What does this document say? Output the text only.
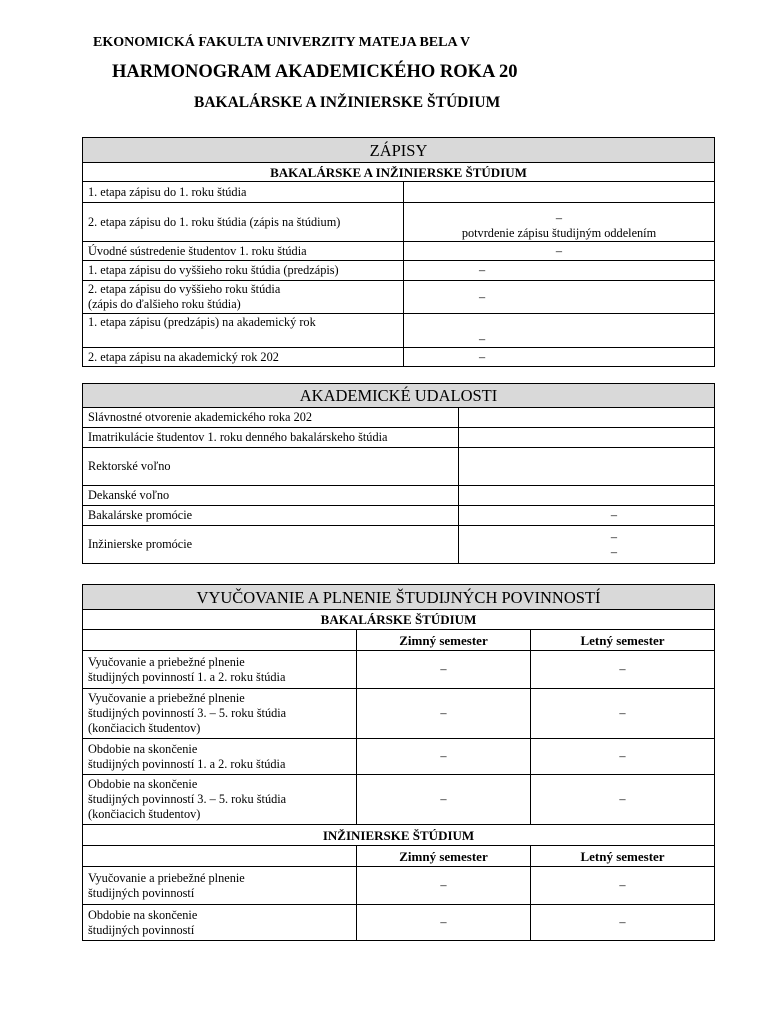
EKONOMICKÁ FAKULTA UNIVERZITY MATEJA BELA V
HARMONOGRAM AKADEMICKÉHO ROKA 20
BAKALÁRSKE A INŽINIERSKE ŠTÚDIUM
ZÁPISY	
BAKALÁRSKE A INŽINIERSKE ŠTÚDIUM	

1. etapa zápisu do 1. roku štúdia	

2. etapa zápisu do 1. roku štúdia (zápis na štúdium)	–
potvrdenie zápisu študijným oddelením

Úvodné sústredenie študentov 1. roku štúdia	–

1. etapa zápisu do vyššieho roku štúdia (predzápis)	–

2. etapa zápisu do vyššieho roku štúdia
(zápis do ďalšieho roku štúdia)	–

1. etapa zápisu (predzápis) na akademický rok	–

2. etapa zápisu na akademický rok 202	–
AKADEMICKÉ UDALOSTI	
Slávnostné otvorenie akademického roka 202	
Imatrikulácie študentov 1. roku denného bakalárskeho štúdia	
Rektorské voľno	
Dekanské voľno	
Bakalárske promócie	–

Inžinierske promócie	–
–
VYUČOVANIE A PLNENIE ŠTUDIJNÝCH POVINNOSTÍ		
BAKALÁRSKE ŠTÚDIUM		
	Zimný semester	Letný semester

Vyučovanie a priebežné plnenie
študijných povinností 1. a 2. roku štúdia	–	–

Vyučovanie a priebežné plnenie
študijných povinností 3. – 5. roku štúdia
(končiacich študentov)	–	–

Obdobie na skončenie
študijných povinností 1. a 2. roku štúdia	–	–

Obdobie na skončenie
študijných povinností 3. – 5. roku štúdia
(končiacich študentov)	–	–
INŽINIERSKE ŠTÚDIUM		
	Zimný semester	Letný semester

Vyučovanie a priebežné plnenie
študijných povinností	–	–

Obdobie na skončenie
študijných povinností	–	–
